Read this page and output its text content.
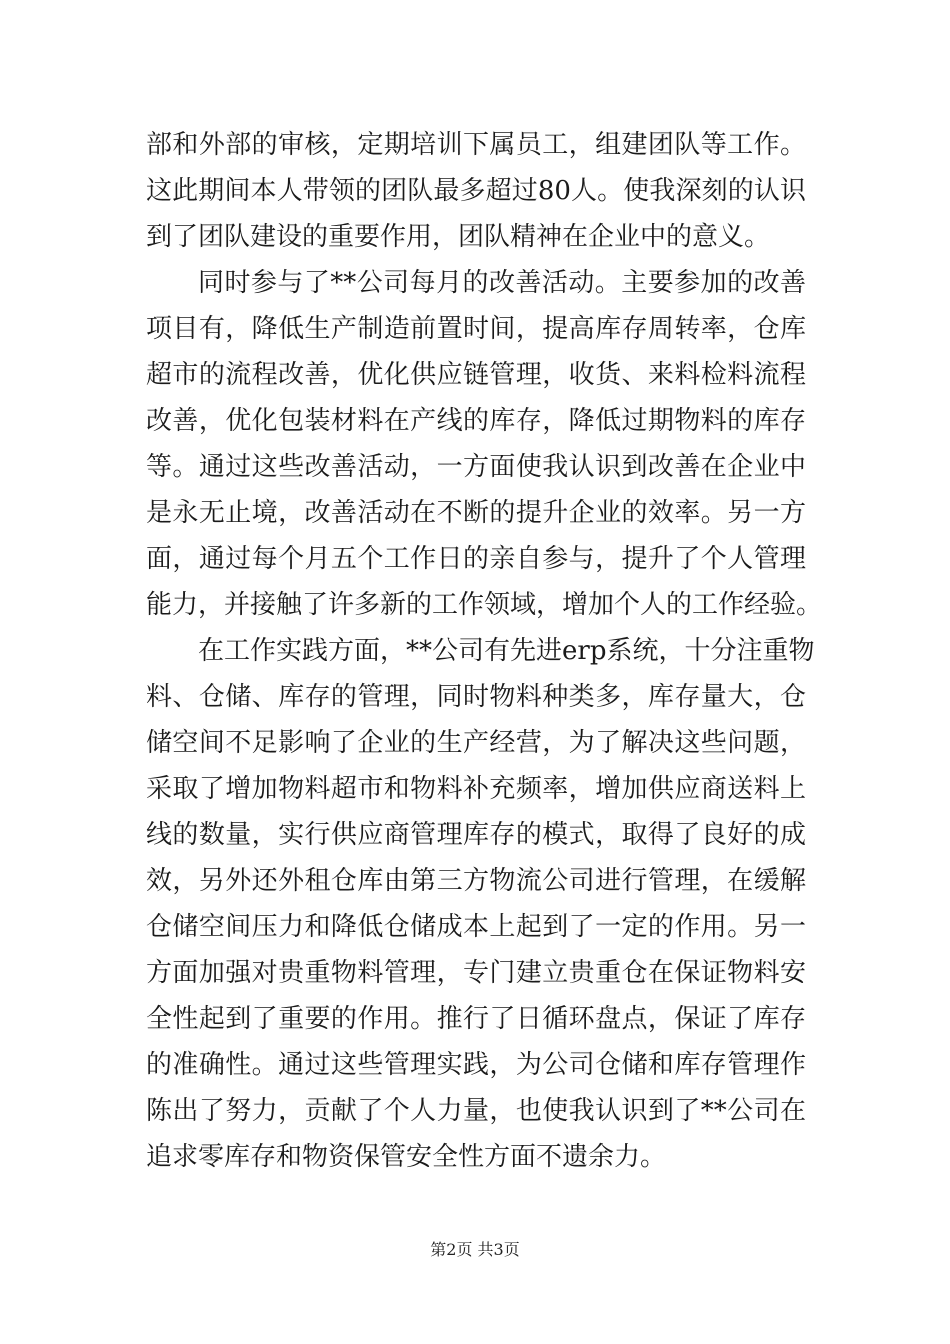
部和外部的审核，定期培训下属员工，组建团队等工作。
这此期间本人带领的团队最多超过80人。使我深刻的认识
到了团队建设的重要作用，团队精神在企业中的意义。
同时参与了**公司每月的改善活动。主要参加的改善
项目有，降低生产制造前置时间，提高库存周转率，仓库
超市的流程改善，优化供应链管理，收货、来料检料流程
改善，优化包装材料在产线的库存，降低过期物料的库存
等。通过这些改善活动，一方面使我认识到改善在企业中
是永无止境，改善活动在不断的提升企业的效率。另一方
面，通过每个月五个工作日的亲自参与，提升了个人管理
能力，并接触了许多新的工作领域，增加个人的工作经验。
在工作实践方面，**公司有先进erp系统，十分注重物
料、仓储、库存的管理，同时物料种类多，库存量大，仓
储空间不足影响了企业的生产经营，为了解决这些问题，
采取了增加物料超市和物料补充频率，增加供应商送料上
线的数量，实行供应商管理库存的模式，取得了良好的成
效，另外还外租仓库由第三方物流公司进行管理，在缓解
仓储空间压力和降低仓储成本上起到了一定的作用。另一
方面加强对贵重物料管理，专门建立贵重仓在保证物料安
全性起到了重要的作用。推行了日循环盘点，保证了库存
的准确性。通过这些管理实践，为公司仓储和库存管理作
陈出了努力，贡献了个人力量，也使我认识到了**公司在
追求零库存和物资保管安全性方面不遗余力。
第2页 共3页
